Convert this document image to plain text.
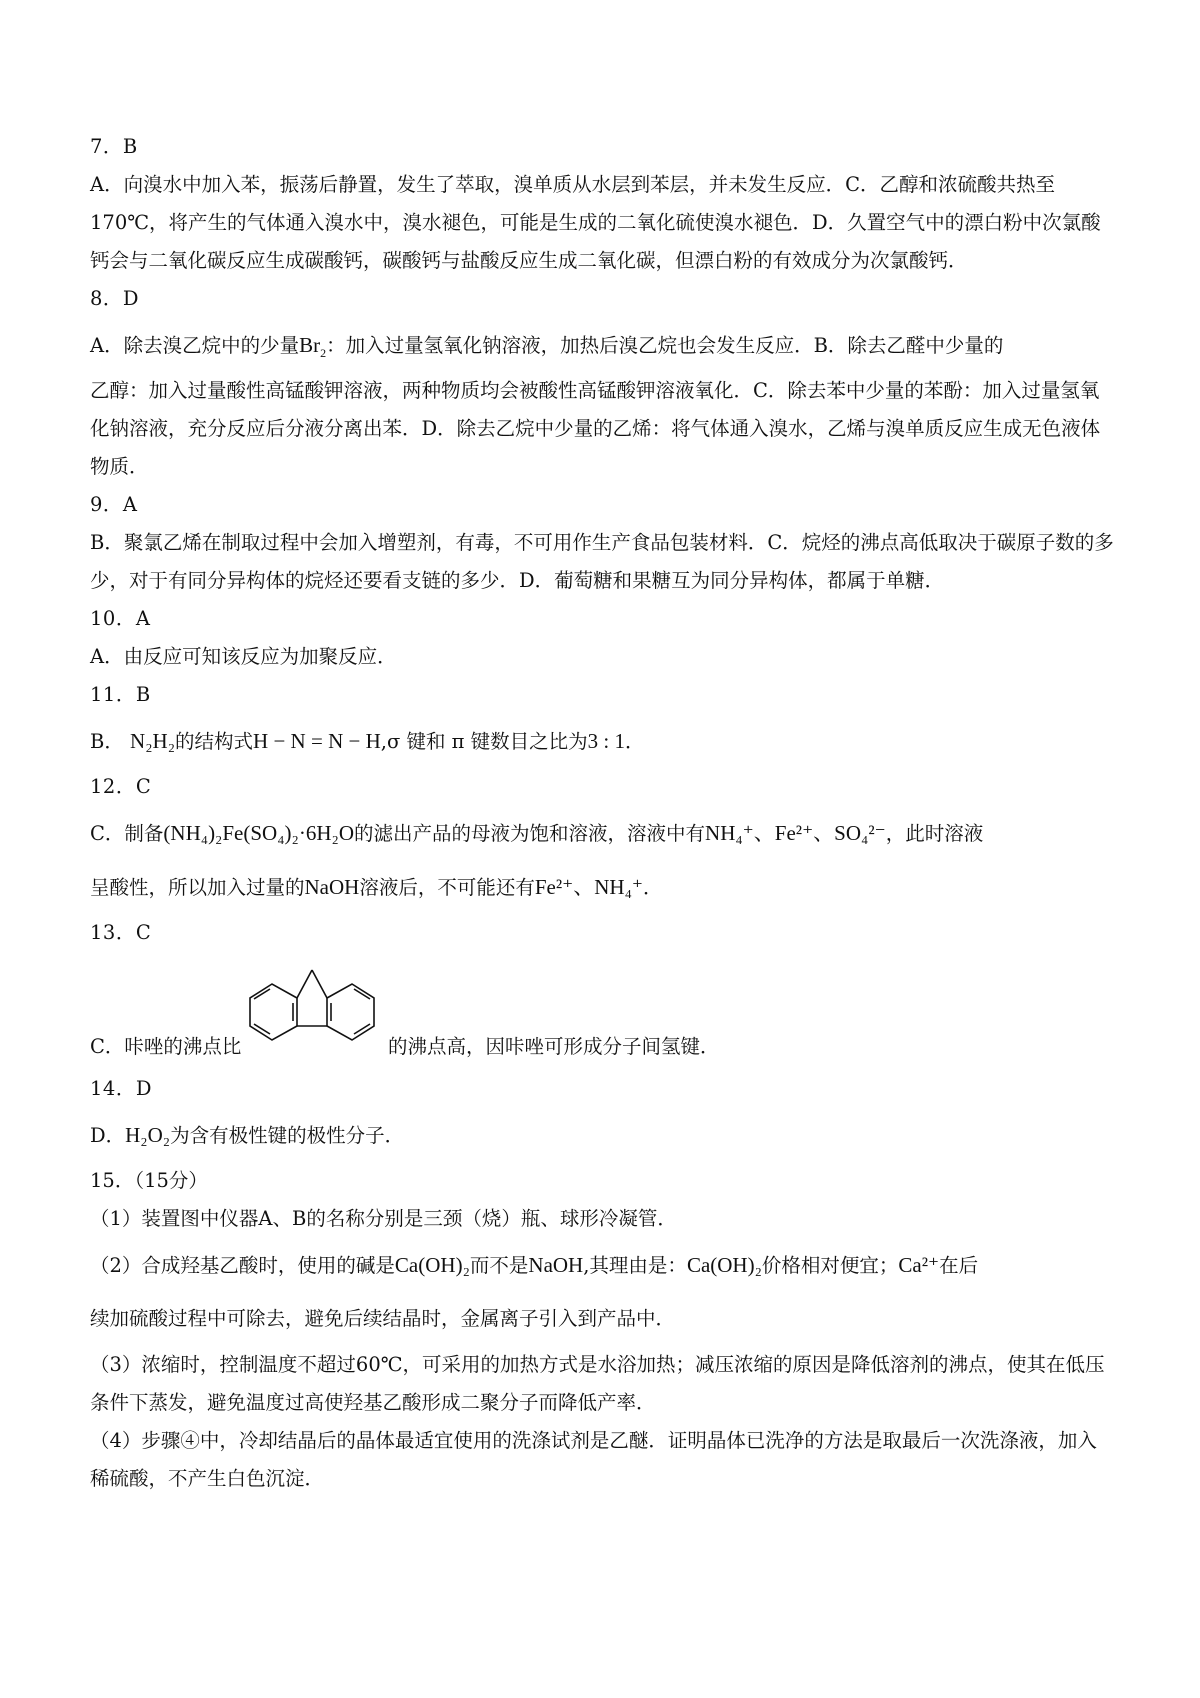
7．B
A．向溴水中加入苯，振荡后静置，发生了萃取，溴单质从水层到苯层，并未发生反应．C．乙醇和浓硫酸共热至170℃，将产生的气体通入溴水中，溴水褪色，可能是生成的二氧化硫使溴水褪色．D．久置空气中的漂白粉中次氯酸钙会与二氧化碳反应生成碳酸钙，碳酸钙与盐酸反应生成二氧化碳，但漂白粉的有效成分为次氯酸钙．
8．D
A．除去溴乙烷中的少量$Br_2$：加入过量氢氧化钠溶液，加热后溴乙烷也会发生反应．B．除去乙醛中少量的
乙醇：加入过量酸性高锰酸钾溶液，两种物质均会被酸性高锰酸钾溶液氧化．C．除去苯中少量的苯酚：加入过量氢氧化钠溶液，充分反应后分液分离出苯．D．除去乙烷中少量的乙烯：将气体通入溴水，乙烯与溴单质反应生成无色液体物质．
9．A
B．聚氯乙烯在制取过程中会加入增塑剂，有毒，不可用作生产食品包装材料．C．烷烃的沸点高低取决于碳原子数的多少，对于有同分异构体的烷烃还要看支链的多少．D．葡萄糖和果糖互为同分异构体，都属于单糖．
10．A
A．由反应可知该反应为加聚反应．
11．B
B． N₂H₂的结构式H − N = N − H,σ 键和 π 键数目之比为3 : 1．
12．C
C．制备(NH₄)₂Fe(SO₄)₂·6H₂O的滤出产品的母液为饱和溶液，溶液中有NH₄⁺、Fe²⁺、SO₄²⁻，此时溶液
呈酸性，所以加入过量的NaOH溶液后，不可能还有Fe²⁺、NH₄⁺．
13．C
C．咔唑的沸点比	的沸点高，因咔唑可形成分子间氢键．
14．D
D．H₂O₂为含有极性键的极性分子．
15．（15分）
（1）装置图中仪器A、B的名称分别是三颈（烧）瓶、球形冷凝管．
（2）合成羟基乙酸时，使用的碱是Ca(OH)₂而不是NaOH,其理由是：Ca(OH)₂价格相对便宜；Ca²⁺在后
续加硫酸过程中可除去，避免后续结晶时，金属离子引入到产品中．
（3）浓缩时，控制温度不超过60℃，可采用的加热方式是水浴加热；减压浓缩的原因是降低溶剂的沸点，使其在低压条件下蒸发，避免温度过高使羟基乙酸形成二聚分子而降低产率．
（4）步骤④中，冷却结晶后的晶体最适宜使用的洗涤试剂是乙醚．证明晶体已洗净的方法是取最后一次洗涤液，加入稀硫酸，不产生白色沉淀．
